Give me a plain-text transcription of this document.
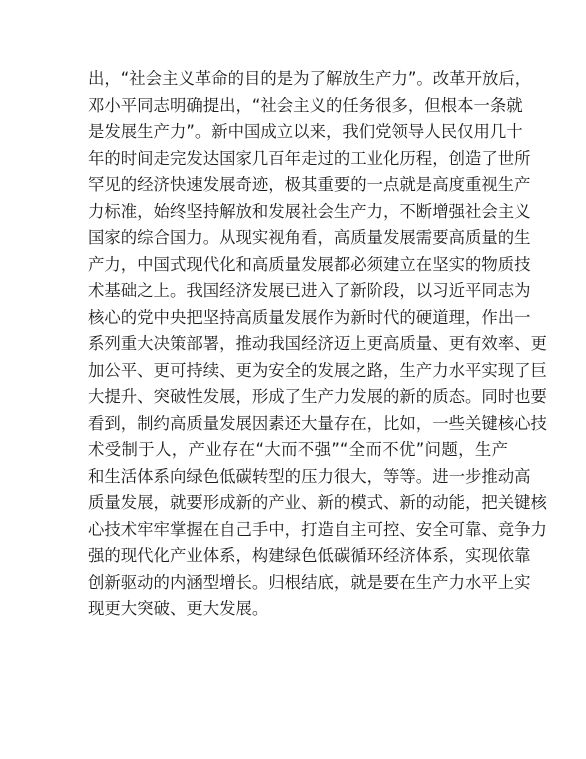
出，“社会主义革命的目的是为了解放生产力”。改革开放后，
邓小平同志明确提出，“社会主义的任务很多，但根本一条就
是发展生产力”。新中国成立以来，我们党领导人民仅用几十
年的时间走完发达国家几百年走过的工业化历程，创造了世所
罕见的经济快速发展奇迹，极其重要的一点就是高度重视生产
力标准，始终坚持解放和发展社会生产力，不断增强社会主义
国家的综合国力。从现实视角看，高质量发展需要高质量的生
产力，中国式现代化和高质量发展都必须建立在坚实的物质技
术基础之上。我国经济发展已进入了新阶段，以习近平同志为
核心的党中央把坚持高质量发展作为新时代的硬道理，作出一
系列重大决策部署，推动我国经济迈上更高质量、更有效率、更
加公平、更可持续、更为安全的发展之路，生产力水平实现了巨
大提升、突破性发展，形成了生产力发展的新的质态。同时也要
看到，制约高质量发展因素还大量存在，比如，一些关键核心技
术受制于人，产业存在“大而不强”“全而不优”问题，生产
和生活体系向绿色低碳转型的压力很大，等等。进一步推动高
质量发展，就要形成新的产业、新的模式、新的动能，把关键核
心技术牢牢掌握在自己手中，打造自主可控、安全可靠、竞争力
强的现代化产业体系，构建绿色低碳循环经济体系，实现依靠
创新驱动的内涵型增长。归根结底，就是要在生产力水平上实
现更大突破、更大发展。
